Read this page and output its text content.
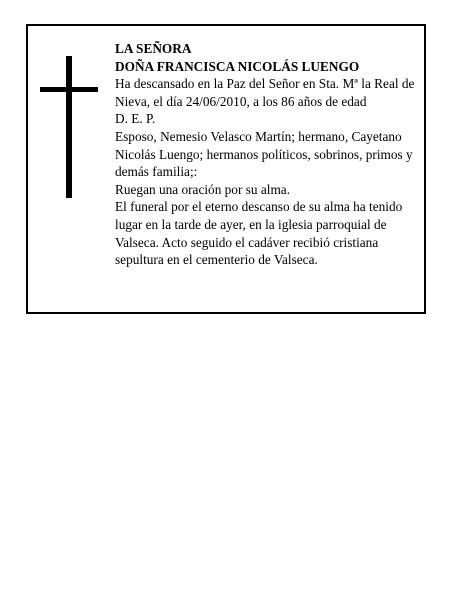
LA SEÑORA

DOÑA FRANCISCA NICOLÁS LUENGO

Ha descansado en la Paz del Señor en Sta. Mª la Real de Nieva, el día 24/06/2010, a los 86 años de edad

D. E. P.

Esposo, Nemesio Velasco Martín; hermano, Cayetano Nicolás Luengo; hermanos políticos, sobrinos, primos y demás familia;:

Ruegan una oración por su alma.

El funeral por el eterno descanso de su alma ha tenido lugar en la tarde de ayer, en la iglesia parroquial de Valseca. Acto seguido el cadáver recibió cristiana sepultura en el cementerio de Valseca.
